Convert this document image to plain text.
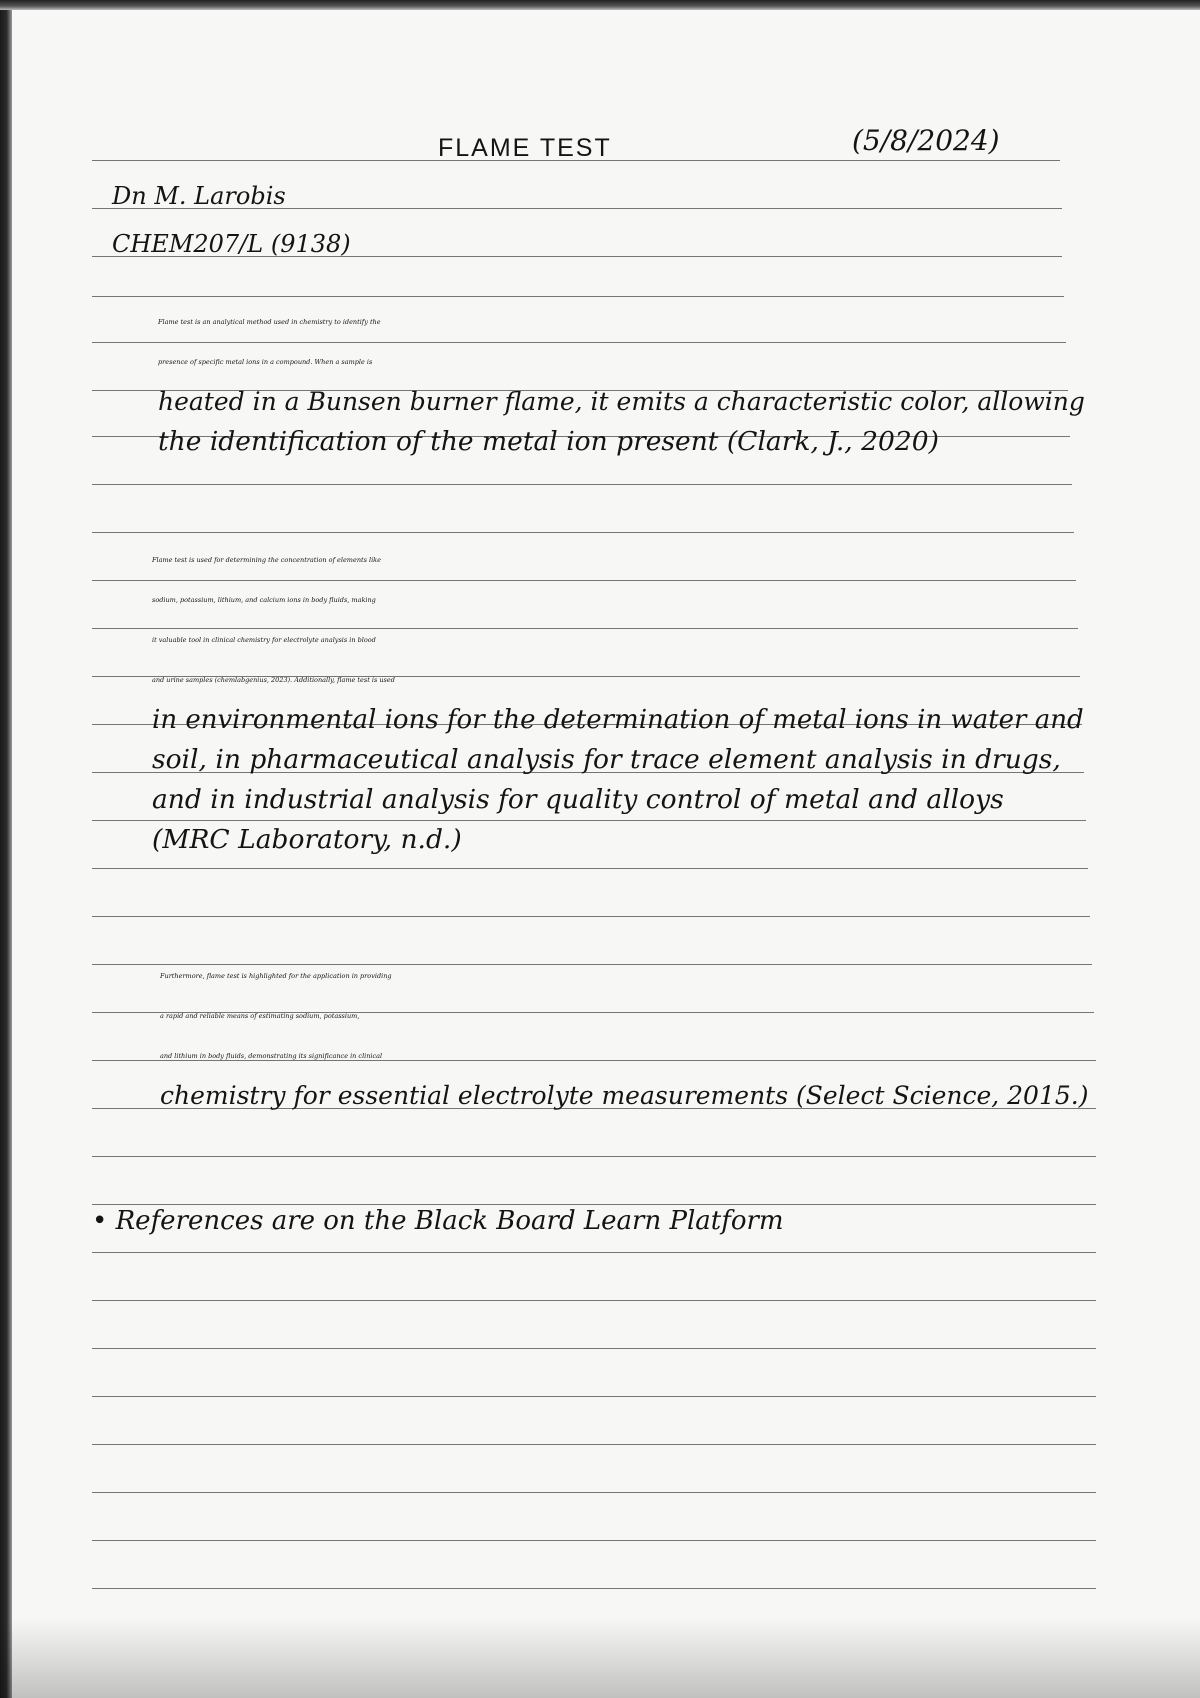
FLAME TEST	(5/8/2024)

Dn M. Larobis

CHEM207/L (9138)

Flame test is an analytical method used in chemistry to identify the
presence of specific metal ions in a compound. When a sample is
heated in a Bunsen burner flame, it emits a characteristic color, allowing
the identification of the metal ion present (Clark, J., 2020)
Flame test is used for determining the concentration of elements like
sodium, potassium, lithium, and calcium ions in body fluids, making
it valuable tool in clinical chemistry for electrolyte analysis in blood
and urine samples (chemlabgenius, 2023). Additionally, flame test is used
in environmental ions for the determination of metal ions in water and
soil, in pharmaceutical analysis for trace element analysis in drugs,
and in industrial analysis for quality control of metal and alloys
(MRC Laboratory, n.d.)
Furthermore, flame test is highlighted for the application in providing
a rapid and reliable means of estimating sodium, potassium,
and lithium in body fluids, demonstrating its significance in clinical
chemistry for essential electrolyte measurements (Select Science, 2015.)

• References are on the Black Board Learn Platform
